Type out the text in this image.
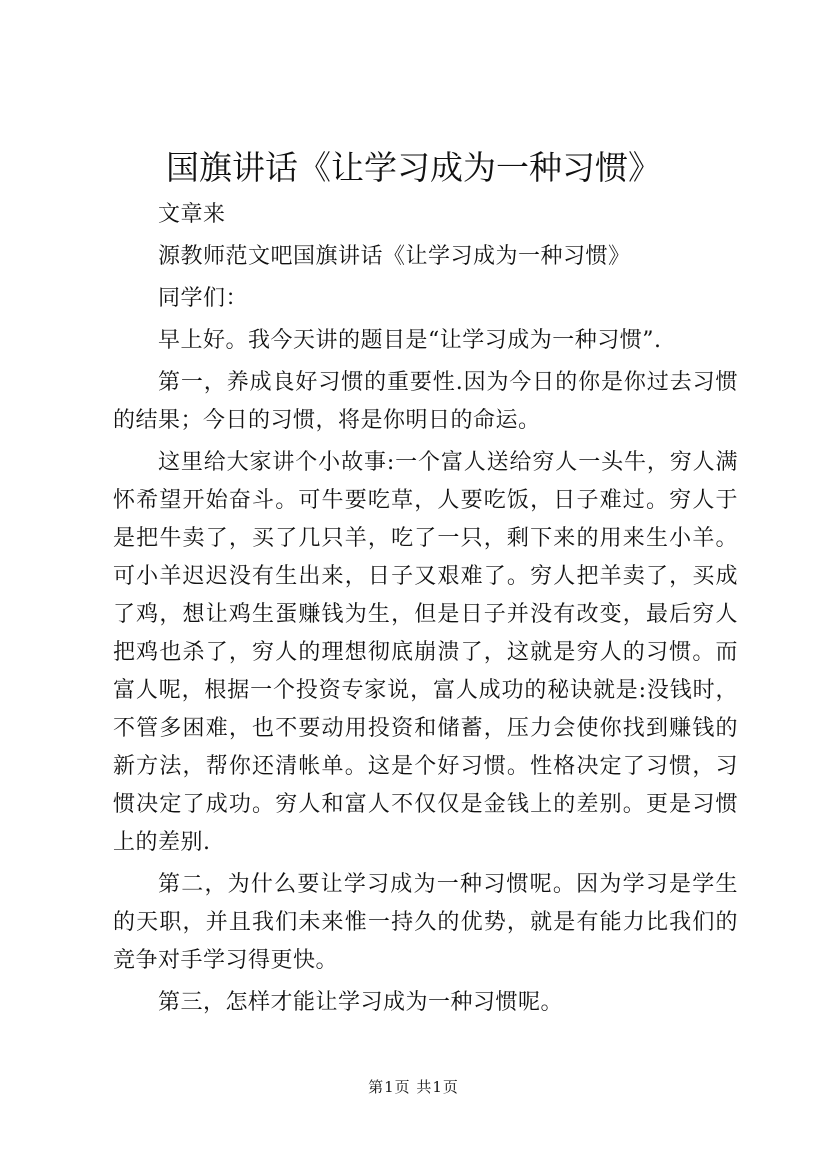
国旗讲话《让学习成为一种习惯》

文章来

源教师范文吧国旗讲话《让学习成为一种习惯》

同学们：

早上好。我今天讲的题目是“让学习成为一种习惯”.

第一，养成良好习惯的重要性.因为今日的你是你过去习惯的结果；今日的习惯，将是你明日的命运。

这里给大家讲个小故事:一个富人送给穷人一头牛，穷人满怀希望开始奋斗。可牛要吃草，人要吃饭，日子难过。穷人于是把牛卖了，买了几只羊，吃了一只，剩下来的用来生小羊。可小羊迟迟没有生出来，日子又艰难了。穷人把羊卖了，买成了鸡，想让鸡生蛋赚钱为生，但是日子并没有改变，最后穷人把鸡也杀了，穷人的理想彻底崩溃了，这就是穷人的习惯。而富人呢，根据一个投资专家说，富人成功的秘诀就是:没钱时，不管多困难，也不要动用投资和储蓄，压力会使你找到赚钱的新方法，帮你还清帐单。这是个好习惯。性格决定了习惯，习惯决定了成功。穷人和富人不仅仅是金钱上的差别。更是习惯上的差别.

第二，为什么要让学习成为一种习惯呢。因为学习是学生的天职，并且我们未来惟一持久的优势，就是有能力比我们的竞争对手学习得更快。

第三，怎样才能让学习成为一种习惯呢。

第1页 共1页
